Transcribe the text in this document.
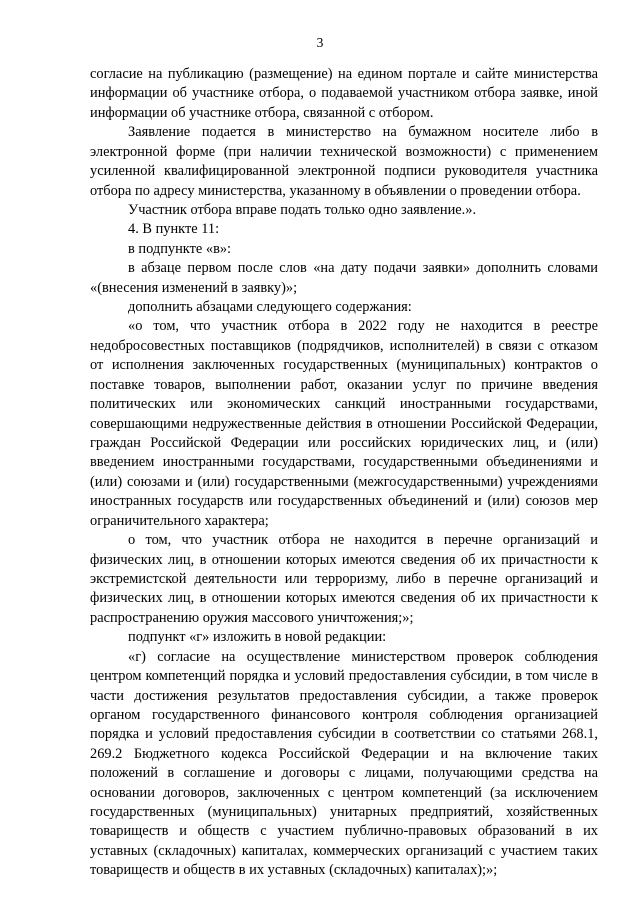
3

согласие на публикацию (размещение) на едином портале и сайте министерства информации об участнике отбора, о подаваемой участником отбора заявке, иной информации об участнике отбора, связанной с отбором.

Заявление подается в министерство на бумажном носителе либо в электронной форме (при наличии технической возможности) с применением усиленной квалифицированной электронной подписи руководителя участника отбора по адресу министерства, указанному в объявлении о проведении отбора.

Участник отбора вправе подать только одно заявление.».

4. В пункте 11:

в подпункте «в»:

в абзаце первом после слов «на дату подачи заявки» дополнить словами «(внесения изменений в заявку)»;

дополнить абзацами следующего содержания:

«о том, что участник отбора в 2022 году не находится в реестре недобросовестных поставщиков (подрядчиков, исполнителей) в связи с отказом от исполнения заключенных государственных (муниципальных) контрактов о поставке товаров, выполнении работ, оказании услуг по причине введения политических или экономических санкций иностранными государствами, совершающими недружественные действия в отношении Российской Федерации, граждан Российской Федерации или российских юридических лиц, и (или) введением иностранными государствами, государственными объединениями и (или) союзами и (или) государственными (межгосударственными) учреждениями иностранных государств или государственных объединений и (или) союзов мер ограничительного характера;

о том, что участник отбора не находится в перечне организаций и физических лиц, в отношении которых имеются сведения об их причастности к экстремистской деятельности или терроризму, либо в перечне организаций и физических лиц, в отношении которых имеются сведения об их причастности к распространению оружия массового уничтожения;»;

подпункт «г» изложить в новой редакции:

«г) согласие на осуществление министерством проверок соблюдения центром компетенций порядка и условий предоставления субсидии, в том числе в части достижения результатов предоставления субсидии, а также проверок органом государственного финансового контроля соблюдения организацией порядка и условий предоставления субсидии в соответствии со статьями 268.1, 269.2 Бюджетного кодекса Российской Федерации и на включение таких положений в соглашение и договоры с лицами, получающими средства на основании договоров, заключенных с центром компетенций (за исключением государственных (муниципальных) унитарных предприятий, хозяйственных товариществ и обществ с участием публично-правовых образований в их уставных (складочных) капиталах, коммерческих организаций с участием таких товариществ и обществ в их уставных (складочных) капиталах);»;
